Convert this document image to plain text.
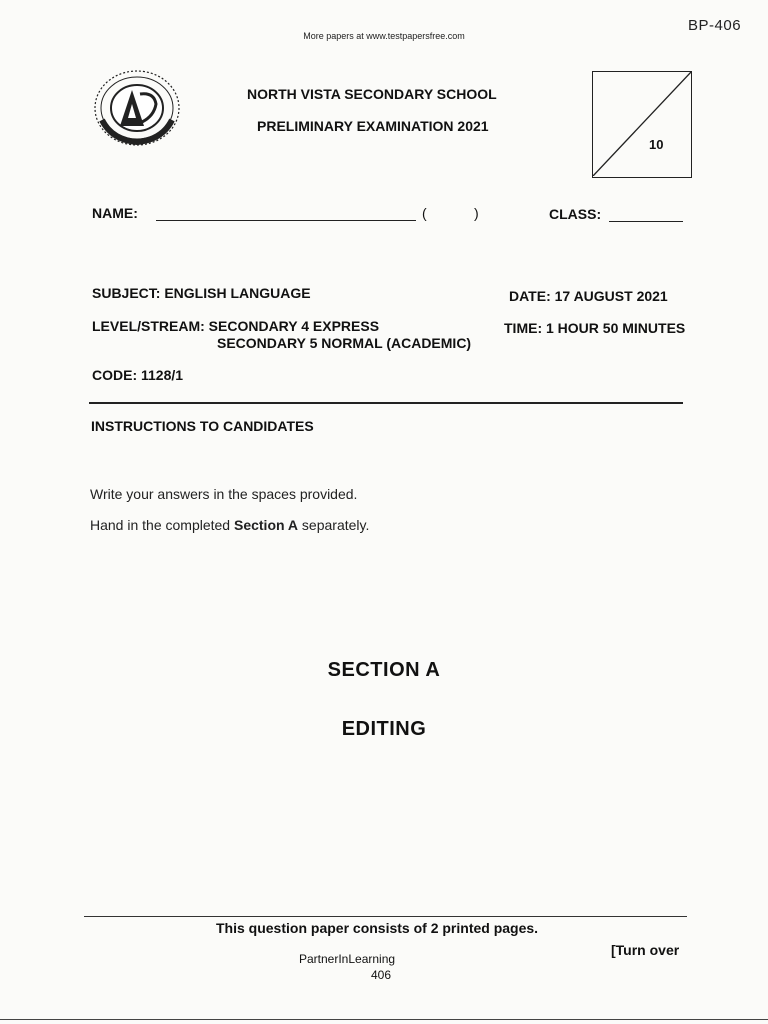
More papers at www.testpapersfree.com
BP-406
NORTH VISTA SECONDARY SCHOOL
PRELIMINARY EXAMINATION 2021
10
NAME:	(	)	CLASS:
SUBJECT: ENGLISH LANGUAGE	DATE: 17 AUGUST 2021
LEVEL/STREAM: SECONDARY 4 EXPRESS
SECONDARY 5 NORMAL (ACADEMIC)
TIME: 1 HOUR 50 MINUTES
CODE: 1128/1
INSTRUCTIONS TO CANDIDATES
Write your answers in the spaces provided.
Hand in the completed Section A separately.
SECTION A
EDITING
This question paper consists of 2 printed pages.
[Turn over
PartnerInLearning
406
